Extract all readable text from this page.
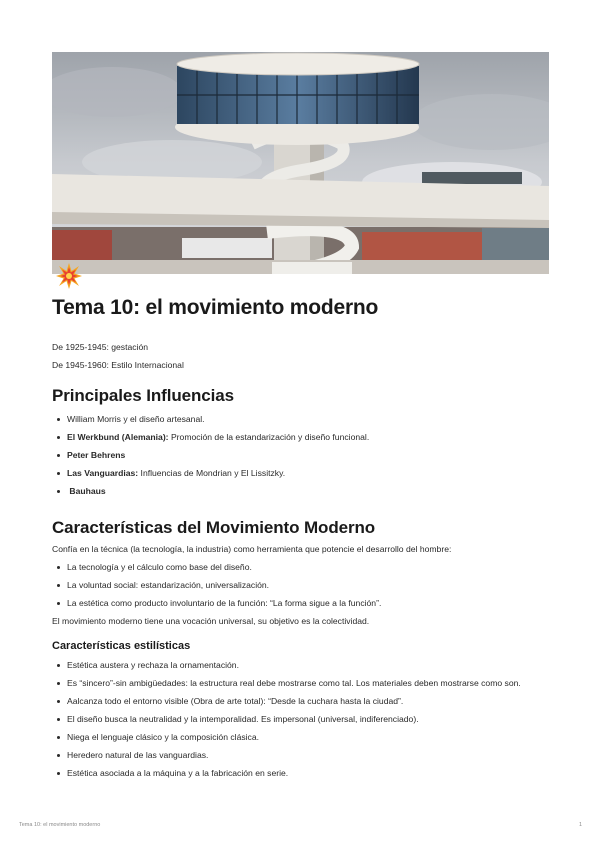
Tema 10: el movimiento moderno

De 1925-1945: gestación

De 1945-1960: Estilo Internacional

Principales Influencias
William Morris y el diseño artesanal.
El Werkbund (Alemania): Promoción de la estandarización y diseño funcional.
Peter Behrens
Las Vanguardias: Influencias de Mondrian y El Lissitzky.
Bauhaus
Características del Movimiento Moderno

Confía en la técnica (la tecnología, la industria) como herramienta que potencie el desarrollo del hombre:

La tecnología y el cálculo como base del diseño.
La voluntad social: estandarización, universalización.
La estética como producto involuntario de la función: “La forma sigue a la función”.

El movimiento moderno tiene una vocación universal, su objetivo es la colectividad.

Características estilísticas
Estética austera y rechaza la ornamentación.
Es “sincero”-sin ambigüedades: la estructura real debe mostrarse como tal. Los materiales deben mostrarse como son.
Aalcanza todo el entorno visible (Obra de arte total): “Desde la cuchara hasta la ciudad”.
El diseño busca la neutralidad y la intemporalidad. Es impersonal (universal, indiferenciado).
Niega el lenguaje clásico y la composición clásica.
Heredero natural de las vanguardias.
Estética asociada a la máquina y a la fabricación en serie.
Tema 10: el movimiento moderno	1
